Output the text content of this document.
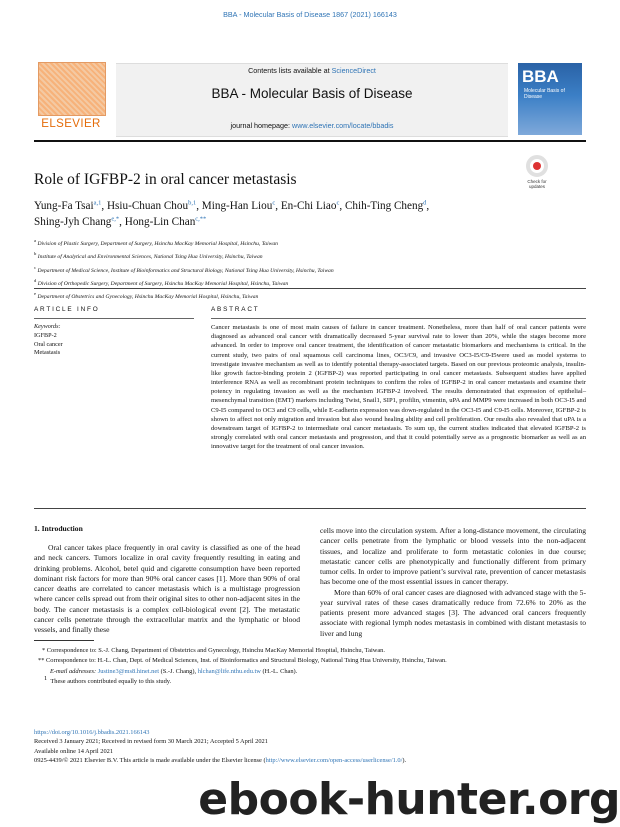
BBA - Molecular Basis of Disease 1867 (2021) 166143
ELSEVIER
Contents lists available at ScienceDirect
BBA - Molecular Basis of Disease
journal homepage: www.elsevier.com/locate/bbadis
BBA
Molecular Basis of Disease
Role of IGFBP-2 in oral cancer metastasis	Check for updates
Yung-Fa Tsai$^{a,1}$, Hsiu-Chuan Chou$^{b,1}$, Ming-Han Liou$^c$, En-Chi Liao$^c$, Chih-Ting Cheng$^d$,
Shing-Jyh Chang$^{e,*}$, Hong-Lin Chan$^{c,**}$
$^a$ Division of Plastic Surgery, Department of Surgery, Hsinchu MacKay Memorial Hospital, Hsinchu, Taiwan
$^b$ Institute of Analytical and Environmental Sciences, National Tsing Hua University, Hsinchu, Taiwan
$^c$ Department of Medical Science, Institute of Bioinformatics and Structural Biology, National Tsing Hua University, Hsinchu, Taiwan
$^d$ Division of Orthopedic Surgery, Department of Surgery, Hsinchu MacKay Memorial Hospital, Hsinchu, Taiwan
$^e$ Department of Obstetrics and Gynecology, Hsinchu MacKay Memorial Hospital, Hsinchu, Taiwan
ARTICLE INFO	ABSTRACT
Keywords:
IGFBP-2
Oral cancer
Metastasis
Cancer metastasis is one of most main causes of failure in cancer treatment. Nonetheless, more than half of oral cancer patients were diagnosed as advanced oral cancer with dramatically decreased 5-year survival rate to lower than 20%, while the stages become more advanced. In order to improve oral cancer treatment, the identification of cancer metastatic biomarkers and mechanisms is critical. In the current study, two pairs of oral squamous cell carcinoma lines, OC3/C9, and invasive OC3-I5/C9-I5were used as model systems to investigate invasive mechanism as well as to identify potential therapy-associated targets. Based on our previous proteomic analysis, insulin-like growth factor-binding protein 2 (IGFBP-2) was reported participating in oral cancer metastasis. Subsequent studies have applied interference RNA as well as recombinant protein techniques to confirm the roles of IGFBP-2 in oral cancer metastasis and examine their potency in regulating invasion as well as the mechanism IGFBP-2 involved. The results demonstrated that expression of epithelial–mesenchymal transition (EMT) markers including Twist, Snail1, SIP1, profilin, vimentin, uPA and MMP9 were increased in both OC3-I5 and C9-I5 compared to OC3 and C9 cells, while E-cadherin expression was down-regulated in the OC3-I5 and C9-I5 cells. Moreover, IGFBP-2 is shown to affect not only migration and invasion but also wound healing ability and cell proliferation. Our results also revealed that uPA is a downstream target of IGFBP-2 to intermediate oral cancer metastasis. To sum up, the current studies indicated that elevated IGFBP-2 is strongly correlated with oral cancer metastasis and progression, and that it could potentially serve as a prognostic biomarker as well as an innovative target for the treatment of oral cancer invasion.
1. Introduction
Oral cancer takes place frequently in oral cavity is classified as one of the head and neck cancers. Tumors localize in oral cavity frequently resulting in eating and drinking problems. Alcohol, betel quid and cigarette consumption have been reported dominant risk factors for more than 90% oral cancer cases [1]. More than 90% of oral cancer deaths are correlated to cancer metastasis which is a multistage progression where cancer cells spread out from their original sites to other non-adjacent sites in the body. The cancer metastasis is a complex cell-biological event [2]. The metastatic cancer cells penetrate through the extracellular matrix and the lymphatic or blood vessels, and finally these

cells move into the circulation system. After a long-distance movement, the circulating cancer cells penetrate from the lymphatic or blood vessels into the non-adjacent tissues, and localize and proliferate to form metastatic colonies in due course; metastatic cancer cells are phenotypically and functionally different from primary tumor cells. In order to improve patient’s survival rate, prevention of cancer metastasis has become one of the most essential issues in cancer therapy.

More than 60% of oral cancer cases are diagnosed with advanced stage with the 5-year survival rates of these cases dramatically reduce from 72.6% to 20% as the patients present more advanced stages [3]. The advanced oral cancers frequently associate with regional lymph nodes metastasis in combined with distant metastasis to liver and lung

* Correspondence to: S.-J. Chang, Department of Obstetrics and Gynecology, Hsinchu MacKay Memorial Hospital, Hsinchu, Taiwan.
** Correspondence to: H.-L. Chan, Dept. of Medical Sciences, Inst. of Bioinformatics and Structural Biology, National Tsing Hua University, Hsinchu, Taiwan.
E-mail addresses: Justine3@ms8.hinet.net (S.-J. Chang), hlchan@life.nthu.edu.tw (H.-L. Chan).
1 These authors contributed equally to this study.
https://doi.org/10.1016/j.bbadis.2021.166143
Received 3 January 2021; Received in revised form 30 March 2021; Accepted 5 April 2021
Available online 14 April 2021
0925-4439/© 2021 Elsevier B.V. This article is made available under the Elsevier license (http://www.elsevier.com/open-access/userlicense/1.0/).
ebook-hunter.org
